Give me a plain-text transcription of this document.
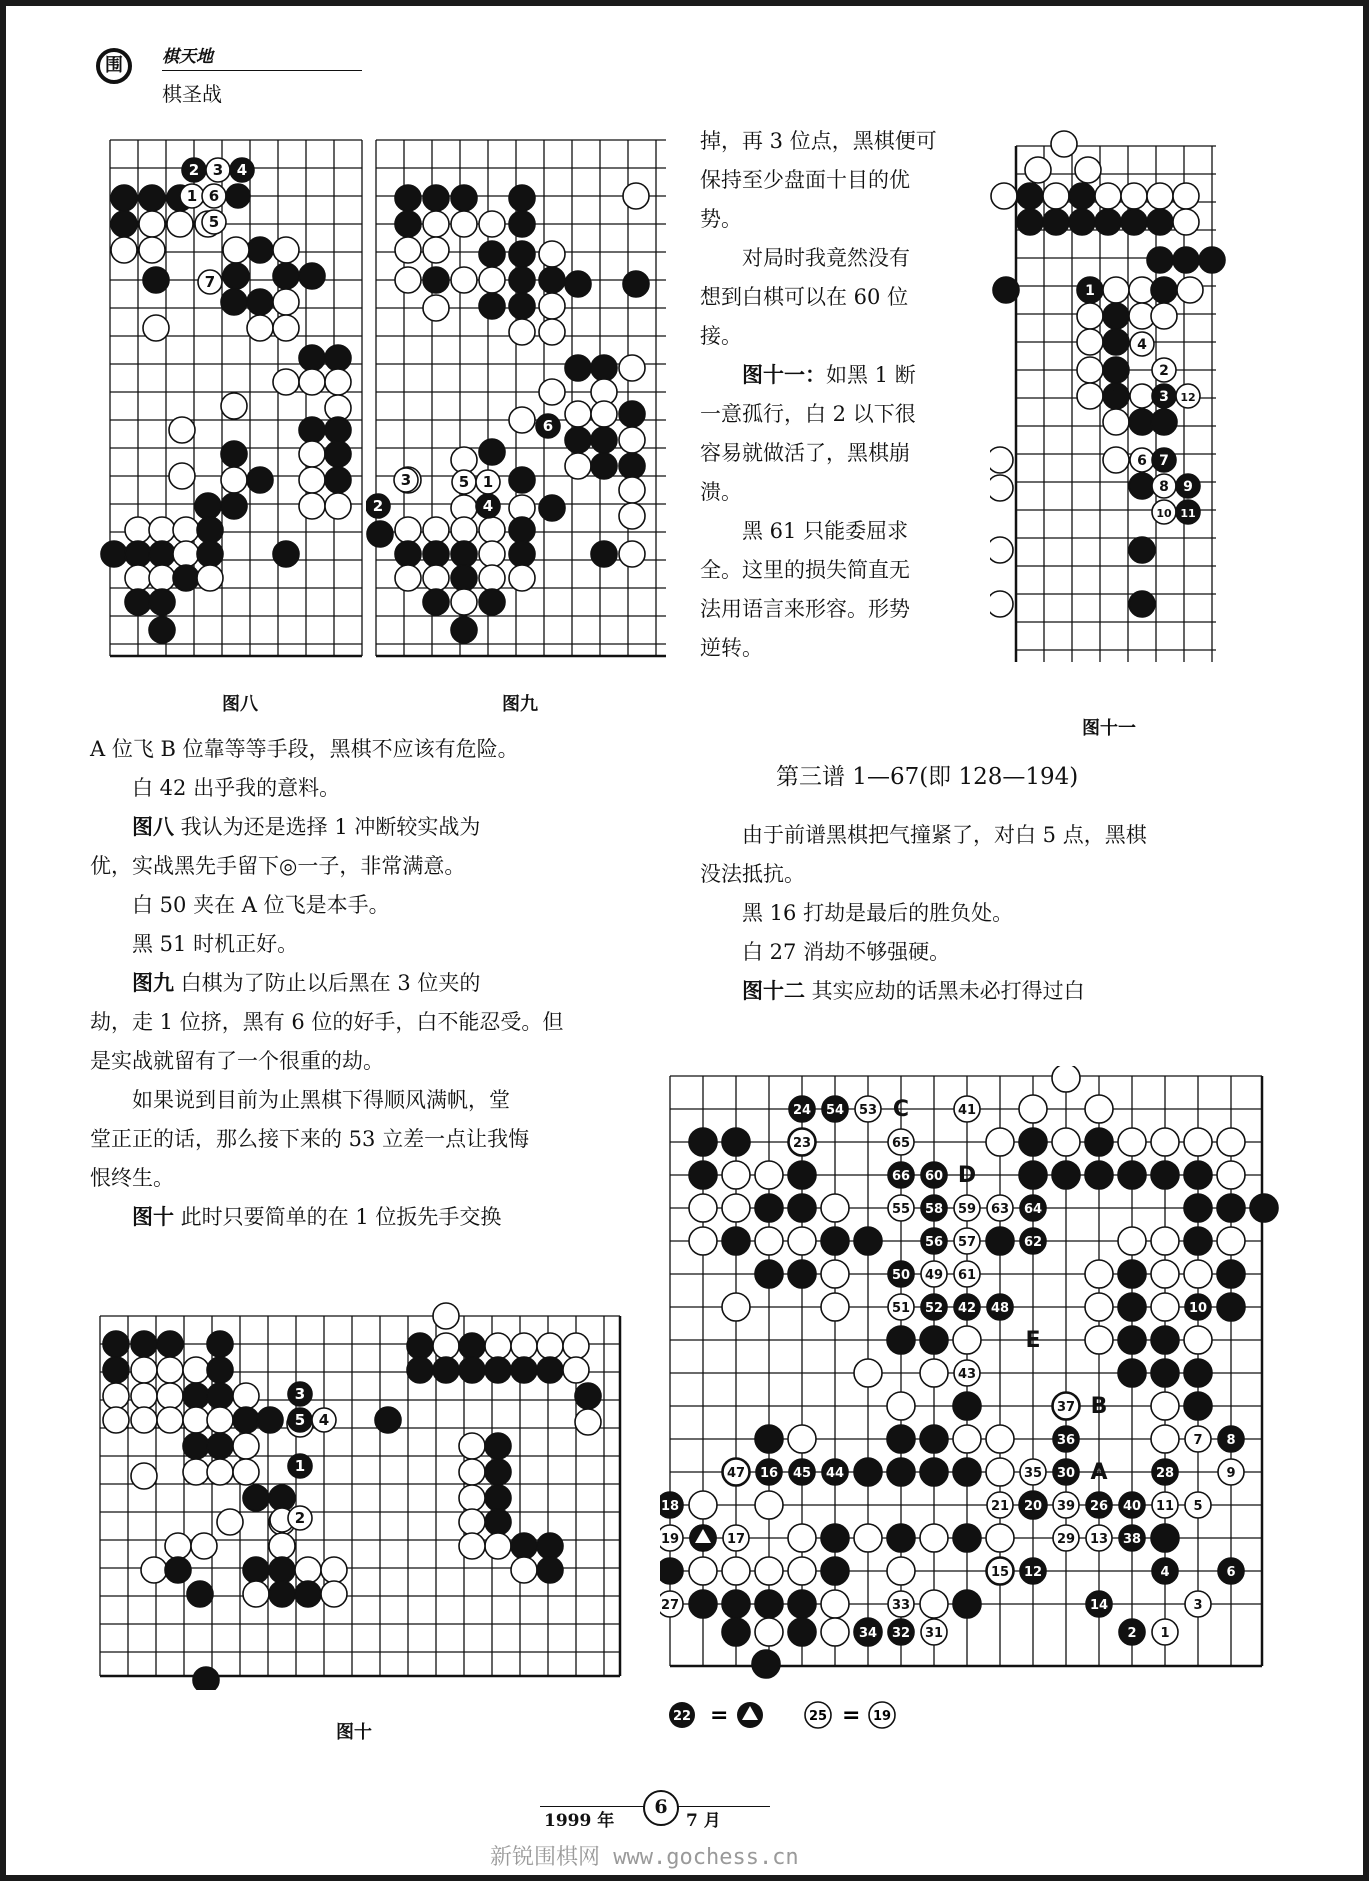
围	棋天地
棋圣战
2 3 4
1 6
5
7
图八
6
3	5 1
4
2
图九
掉，再 3 位点，黑棋便可
保持至少盘面十目的优
势。
对局时我竟然没有
想到白棋可以在 60 位
接。
图十一：如黑 1 断
一意孤行，白 2 以下很
容易就做活了，黑棋崩
溃。
黑 61 只能委屈求
全。这里的损失简直无
法用语言来形容。形势
逆转。
1
4
2
3 12
6 7
8 9
10 11
图十一
A 位飞 B 位靠等等手段，黑棋不应该有危险。
白 42 出乎我的意料。
图八 我认为还是选择 1 冲断较实战为
优，实战黑先手留下◎一子，非常满意。
白 50 夹在 A 位飞是本手。
黑 51 时机正好。
图九 白棋为了防止以后黑在 3 位夹的
劫，走 1 位挤，黑有 6 位的好手，白不能忍受。但
是实战就留有了一个很重的劫。
如果说到目前为止黑棋下得顺风满帆，堂
堂正正的话，那么接下来的 53 立差一点让我悔
恨终生。
图十 此时只要简单的在 1 位扳先手交换
第三谱 1—67(即 128—194)
由于前谱黑棋把气撞紧了，对白 5 点，黑棋
没法抵抗。
黑 16 打劫是最后的胜负处。
白 27 消劫不够强硬。
图十二 其实应劫的话黑未必打得过白
3
4
5
1
2
图十
24 54 53	41
23	65
66 60
55 58 59 63 64
56 57	62
50 49 61
51 52 42 48	10
43
37
36	7 8
47 16 45 44	35 30	28	9
18	21 20 39 26 40 11 5
19	17	29 13 38
15 12	4	6
27	33	14	3
34 32 31	2 1
C
D
E
B
A
22 =	25 = 19
1999 年
6
7 月
新锐围棋网 www.gochess.cn
